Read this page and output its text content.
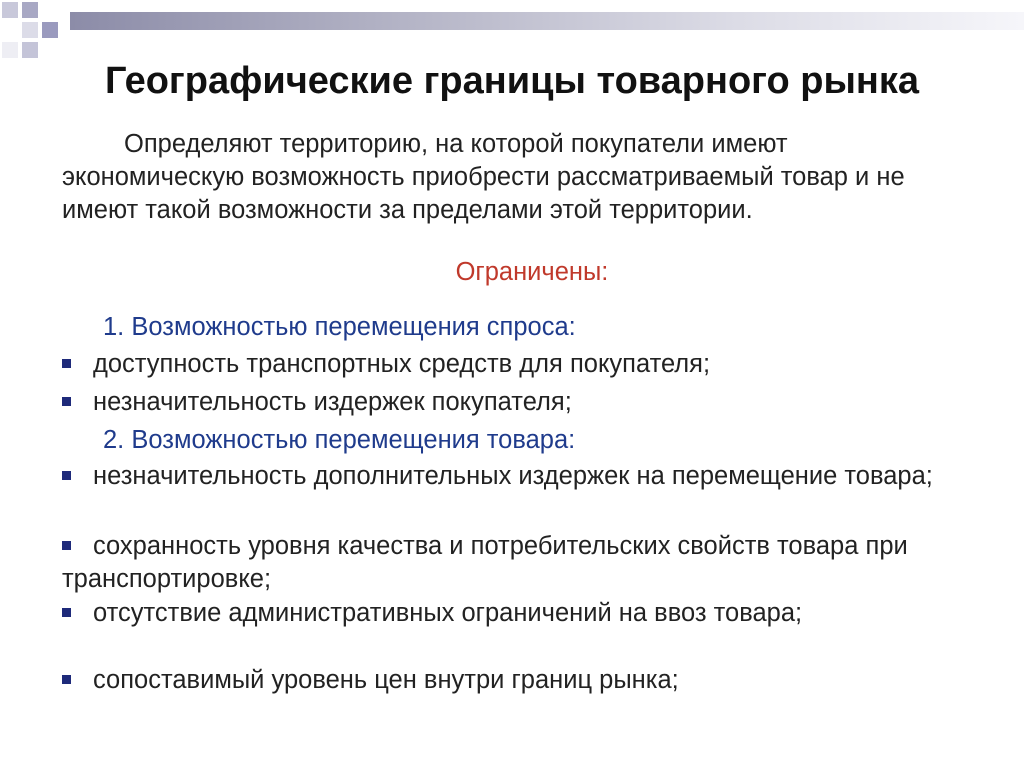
Географические границы товарного рынка

Определяют территорию, на которой покупатели имеют экономическую возможность приобрести рассматриваемый товар и не имеют такой возможности за пределами этой территории.

Ограничены:

1. Возможностью перемещения спроса:

доступность транспортных средств для покупателя;

незначительность издержек покупателя;

2. Возможностью перемещения товара:

незначительность дополнительных издержек на перемещение товара;

сохранность уровня качества и потребительских свойств товара при транспортировке;

отсутствие административных ограничений на ввоз товара;

сопоставимый уровень цен внутри границ рынка;
